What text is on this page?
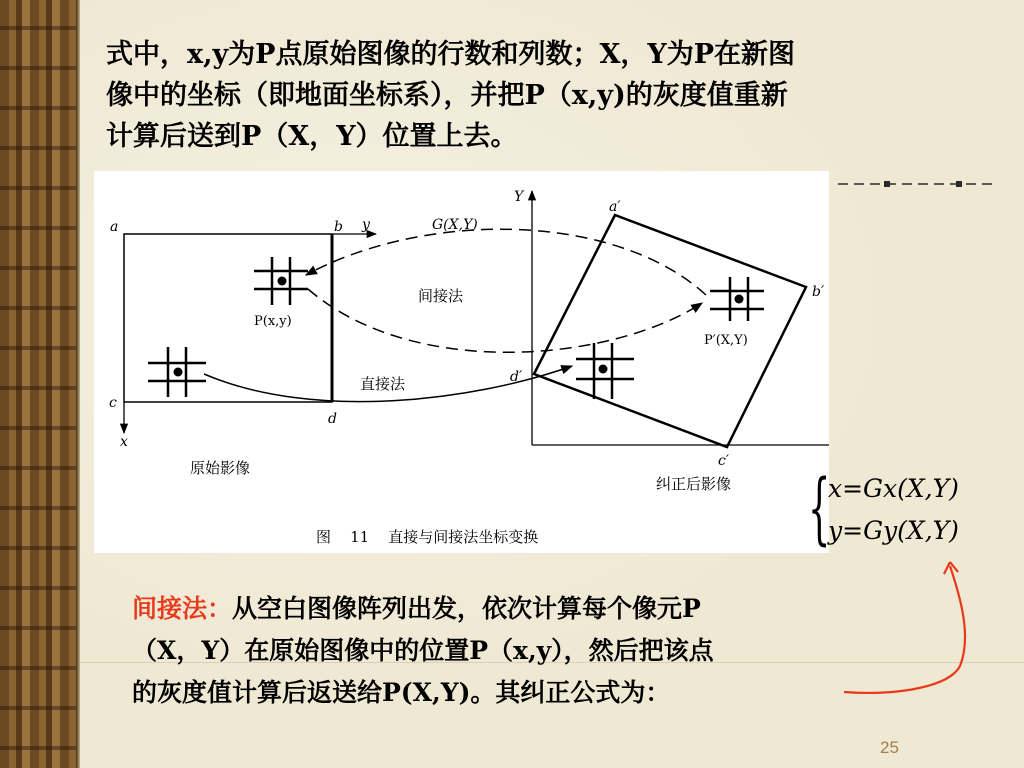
式中，x,y为P点原始图像的行数和列数；X，Y为P在新图
像中的坐标（即地面坐标系），并把P（x,y)的灰度值重新
计算后送到P（X，Y）位置上去。
a	b y
c
d
x
P(x,y)
Y
a′
b′
c′
d′
P′(X,Y)
G(X,Y)
间接法
直接法
原始影像
纠正后影像
图    11    直接与间接法坐标变换	{
x=Gx(X,Y)
y=Gy(X,Y)
间接法：从空白图像阵列出发，依次计算每个像元P
（X，Y）在原始图像中的位置P（x,y），然后把该点
的灰度值计算后返送给P(X,Y)。其纠正公式为：
25
